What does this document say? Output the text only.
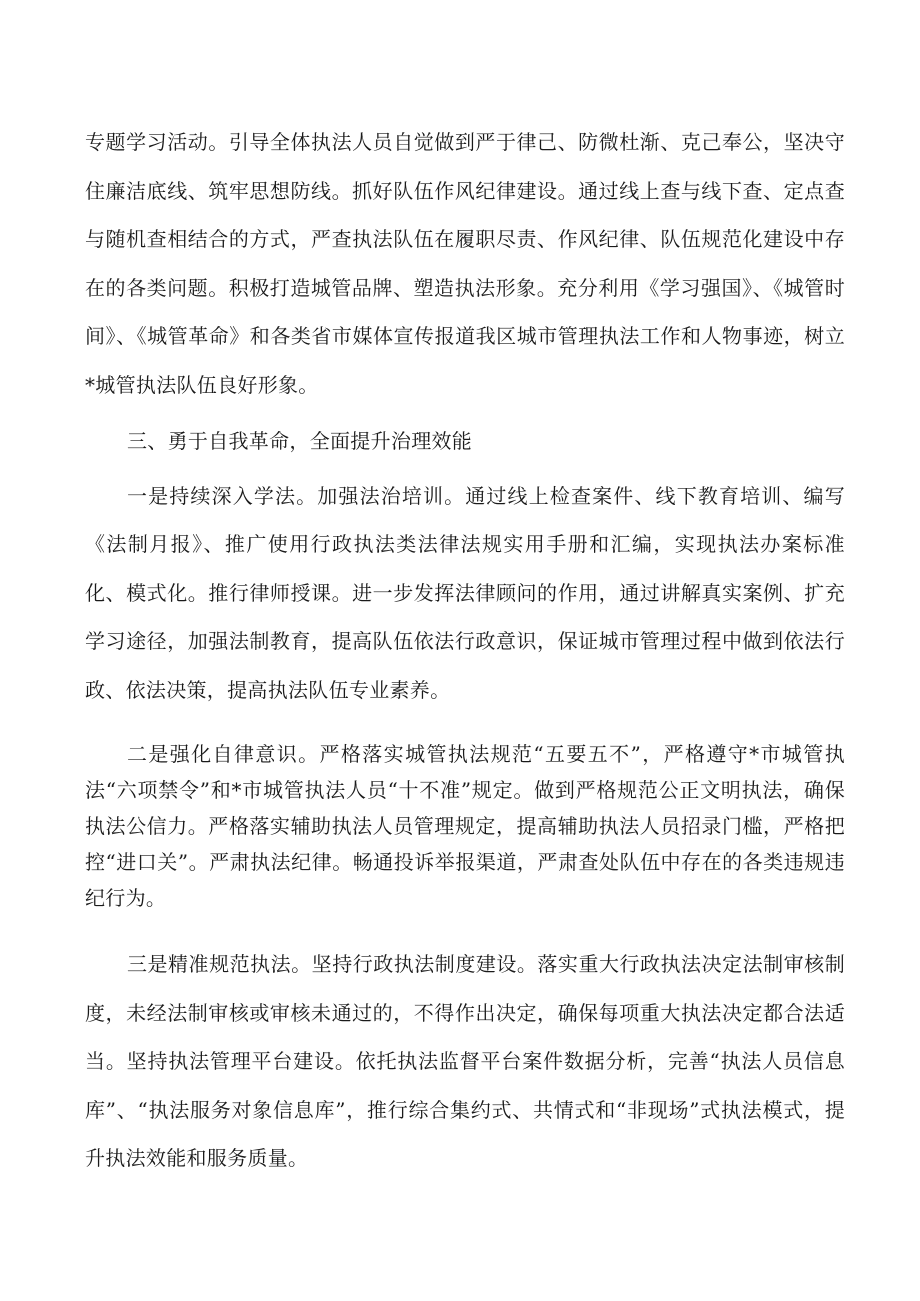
专题学习活动。引导全体执法人员自觉做到严于律己、防微杜渐、克己奉公，坚决守住廉洁底线、筑牢思想防线。抓好队伍作风纪律建设。通过线上查与线下查、定点查与随机查相结合的方式，严查执法队伍在履职尽责、作风纪律、队伍规范化建设中存在的各类问题。积极打造城管品牌、塑造执法形象。充分利用《学习强国》、《城管时间》、《城管革命》和各类省市媒体宣传报道我区城市管理执法工作和人物事迹，树立*城管执法队伍良好形象。

三、勇于自我革命，全面提升治理效能

一是持续深入学法。加强法治培训。通过线上检查案件、线下教育培训、编写《法制月报》、推广使用行政执法类法律法规实用手册和汇编，实现执法办案标准化、模式化。推行律师授课。进一步发挥法律顾问的作用，通过讲解真实案例、扩充学习途径，加强法制教育，提高队伍依法行政意识，保证城市管理过程中做到依法行政、依法决策，提高执法队伍专业素养。

二是强化自律意识。严格落实城管执法规范“五要五不”，严格遵守*市城管执法“六项禁令”和*市城管执法人员“十不准”规定。做到严格规范公正文明执法，确保执法公信力。严格落实辅助执法人员管理规定，提高辅助执法人员招录门槛，严格把控“进口关”。严肃执法纪律。畅通投诉举报渠道，严肃查处队伍中存在的各类违规违纪行为。

三是精准规范执法。坚持行政执法制度建设。落实重大行政执法决定法制审核制度，未经法制审核或审核未通过的，不得作出决定，确保每项重大执法决定都合法适当。坚持执法管理平台建设。依托执法监督平台案件数据分析，完善“执法人员信息库”、“执法服务对象信息库”，推行综合集约式、共情式和“非现场”式执法模式，提升执法效能和服务质量。
